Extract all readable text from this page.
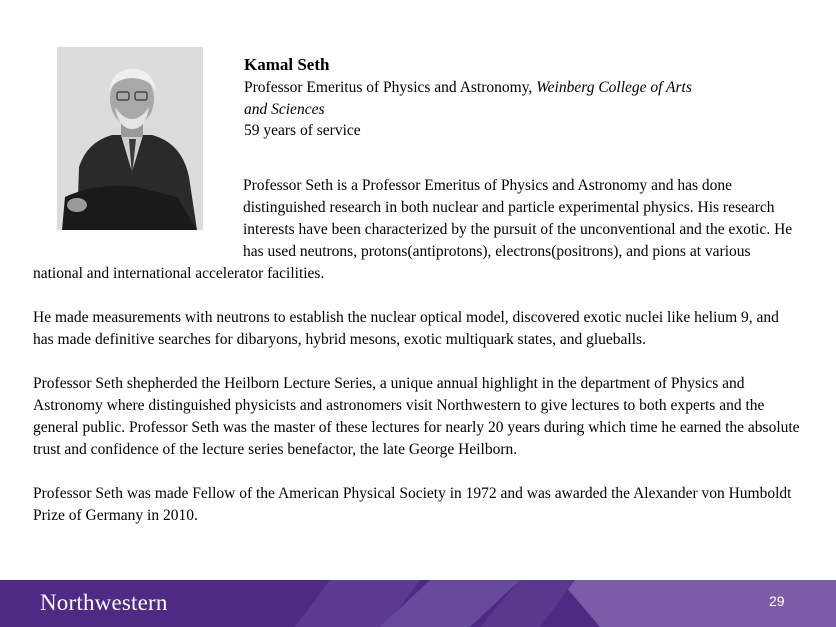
Kamal Seth
Professor Emeritus of Physics and Astronomy, Weinberg College of Arts and Sciences
59 years of service

Professor Seth is a Professor Emeritus of Physics and Astronomy and has done distinguished research in both nuclear and particle experimental physics. His research interests have been characterized by the pursuit of the unconventional and the exotic. He has used neutrons, protons(antiprotons), electrons(positrons), and pions at various national and international accelerator facilities.

He made measurements with neutrons to establish the nuclear optical model, discovered exotic nuclei like helium 9, and has made definitive searches for dibaryons, hybrid mesons, exotic multiquark states, and glueballs.

Professor Seth shepherded the Heilborn Lecture Series, a unique annual highlight in the department of Physics and Astronomy where distinguished physicists and astronomers visit Northwestern to give lectures to both experts and the general public. Professor Seth was the master of these lectures for nearly 20 years during which time he earned the absolute trust and confidence of the lecture series benefactor, the late George Heilborn.

Professor Seth was made Fellow of the American Physical Society in 1972 and was awarded the Alexander von Humboldt Prize of Germany in 2010.

Northwestern	29
